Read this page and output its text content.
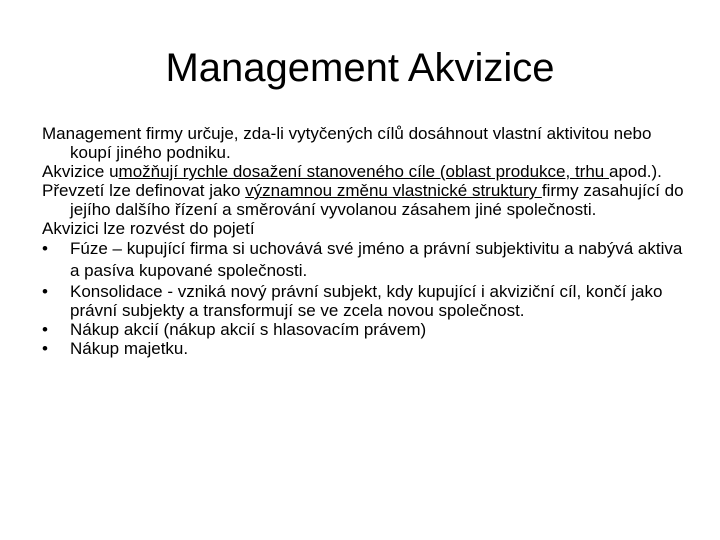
Management Akvizice

Management firmy určuje, zda-li vytyčených cílů dosáhnout vlastní aktivitou nebo koupí jiného podniku.

Akvizice umožňují rychle dosažení stanoveného cíle (oblast produkce, trhu apod.).

Převzetí lze definovat jako významnou změnu vlastnické struktury firmy zasahující do jejího dalšího řízení a směrování vyvolanou zásahem jiné společnosti.

Akvizici lze rozvést do pojetí

•	Fúze – kupující firma si uchovává své jméno a právní subjektivitu a nabývá aktiva a pasíva kupované společnosti.
•	Konsolidace - vzniká nový právní subjekt, kdy kupující i akviziční cíl, končí jako právní subjekty a transformují se ve zcela novou společnost.
•	Nákup akcií (nákup akcií s hlasovacím právem)
•	Nákup majetku.
